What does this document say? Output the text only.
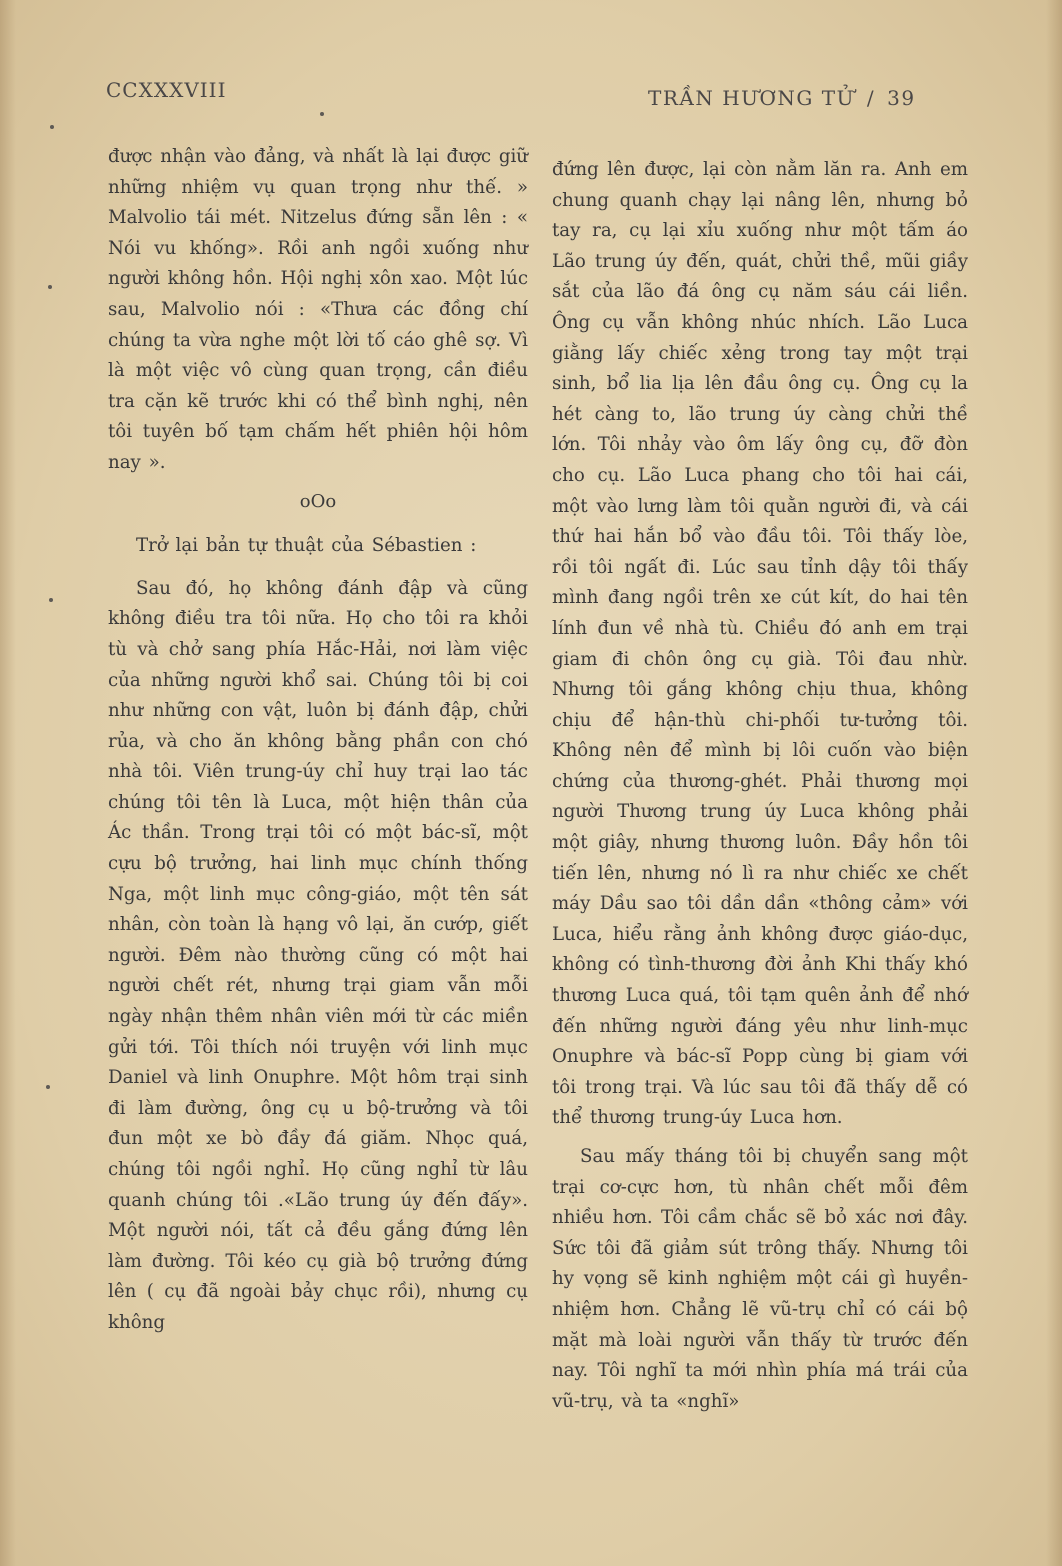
CCXXXVIII	TRẦN HƯƠNG TỬ / 39

được nhận vào đảng, và nhất là lại được giữ những nhiệm vụ quan trọng như thế. » Malvolio tái mét. Nitzelus đứng sẵn lên : « Nói vu khống». Rồi anh ngồi xuống như người không hồn. Hội nghị xôn xao. Một lúc sau, Malvolio nói : «Thưa các đồng chí chúng ta vừa nghe một lời tố cáo ghê sợ. Vì là một việc vô cùng quan trọng, cần điều tra cặn kẽ trước khi có thể bình nghị, nên tôi tuyên bố tạm chấm hết phiên hội hôm nay ».

oOo

Trở lại bản tự thuật của Sébastien :

Sau đó, họ không đánh đập và cũng không điều tra tôi nữa. Họ cho tôi ra khỏi tù và chở sang phía Hắc-Hải, nơi làm việc của những người khổ sai. Chúng tôi bị coi như những con vật, luôn bị đánh đập, chửi rủa, và cho ăn không bằng phần con chó nhà tôi. Viên trung-úy chỉ huy trại lao tác chúng tôi tên là Luca, một hiện thân của Ác thần. Trong trại tôi có một bác-sĩ, một cựu bộ trưởng, hai linh mục chính thống Nga, một linh mục công-giáo, một tên sát nhân, còn toàn là hạng vô lại, ăn cướp, giết người. Đêm nào thường cũng có một hai người chết rét, nhưng trại giam vẫn mỗi ngày nhận thêm nhân viên mới từ các miền gửi tới. Tôi thích nói truyện với linh mục Daniel và linh Onuphre. Một hôm trại sinh đi làm đường, ông cụ u bộ-trưởng và tôi đun một xe bò đầy đá giăm. Nhọc quá, chúng tôi ngồi nghỉ. Họ cũng nghỉ từ lâu quanh chúng tôi .«Lão trung úy đến đấy». Một người nói, tất cả đều gắng đứng lên làm đường. Tôi kéo cụ già bộ trưởng đứng lên ( cụ đã ngoài bảy chục rồi), nhưng cụ không

đứng lên được, lại còn nằm lăn ra. Anh em chung quanh chạy lại nâng lên, nhưng bỏ tay ra, cụ lại xỉu xuống như một tấm áo Lão trung úy đến, quát, chửi thề, mũi giầy sắt của lão đá ông cụ năm sáu cái liền. Ông cụ vẫn không nhúc nhích. Lão Luca giằng lấy chiếc xẻng trong tay một trại sinh, bổ lia lịa lên đầu ông cụ. Ông cụ la hét càng to, lão trung úy càng chửi thề lớn. Tôi nhảy vào ôm lấy ông cụ, đỡ đòn cho cụ. Lão Luca phang cho tôi hai cái, một vào lưng làm tôi quằn người đi, và cái thứ hai hắn bổ vào đầu tôi. Tôi thấy lòe, rồi tôi ngất đi. Lúc sau tỉnh dậy tôi thấy mình đang ngồi trên xe cút kít, do hai tên lính đun về nhà tù. Chiều đó anh em trại giam đi chôn ông cụ già. Tôi đau nhừ. Nhưng tôi gắng không chịu thua, không chịu để hận-thù chi-phối tư-tưởng tôi. Không nên để mình bị lôi cuốn vào biện chứng của thương-ghét. Phải thương mọi người Thương trung úy Luca không phải một giây, nhưng thương luôn. Đầy hồn tôi tiến lên, nhưng nó lì ra như chiếc xe chết máy Dầu sao tôi dần dần «thông cảm» với Luca, hiểu rằng ảnh không được giáo-dục, không có tình-thương đời ảnh Khi thấy khó thương Luca quá, tôi tạm quên ảnh để nhớ đến những người đáng yêu như linh-mục Onuphre và bác-sĩ Popp cùng bị giam với tôi trong trại. Và lúc sau tôi đã thấy dễ có thể thương trung-úy Luca hơn.

Sau mấy tháng tôi bị chuyển sang một trại cơ-cực hơn, tù nhân chết mỗi đêm nhiều hơn. Tôi cầm chắc sẽ bỏ xác nơi đây. Sức tôi đã giảm sút trông thấy. Nhưng tôi hy vọng sẽ kinh nghiệm một cái gì huyền-nhiệm hơn. Chẳng lẽ vũ-trụ chỉ có cái bộ mặt mà loài người vẫn thấy từ trước đến nay. Tôi nghĩ ta mới nhìn phía má trái của vũ-trụ, và ta «nghĩ»
